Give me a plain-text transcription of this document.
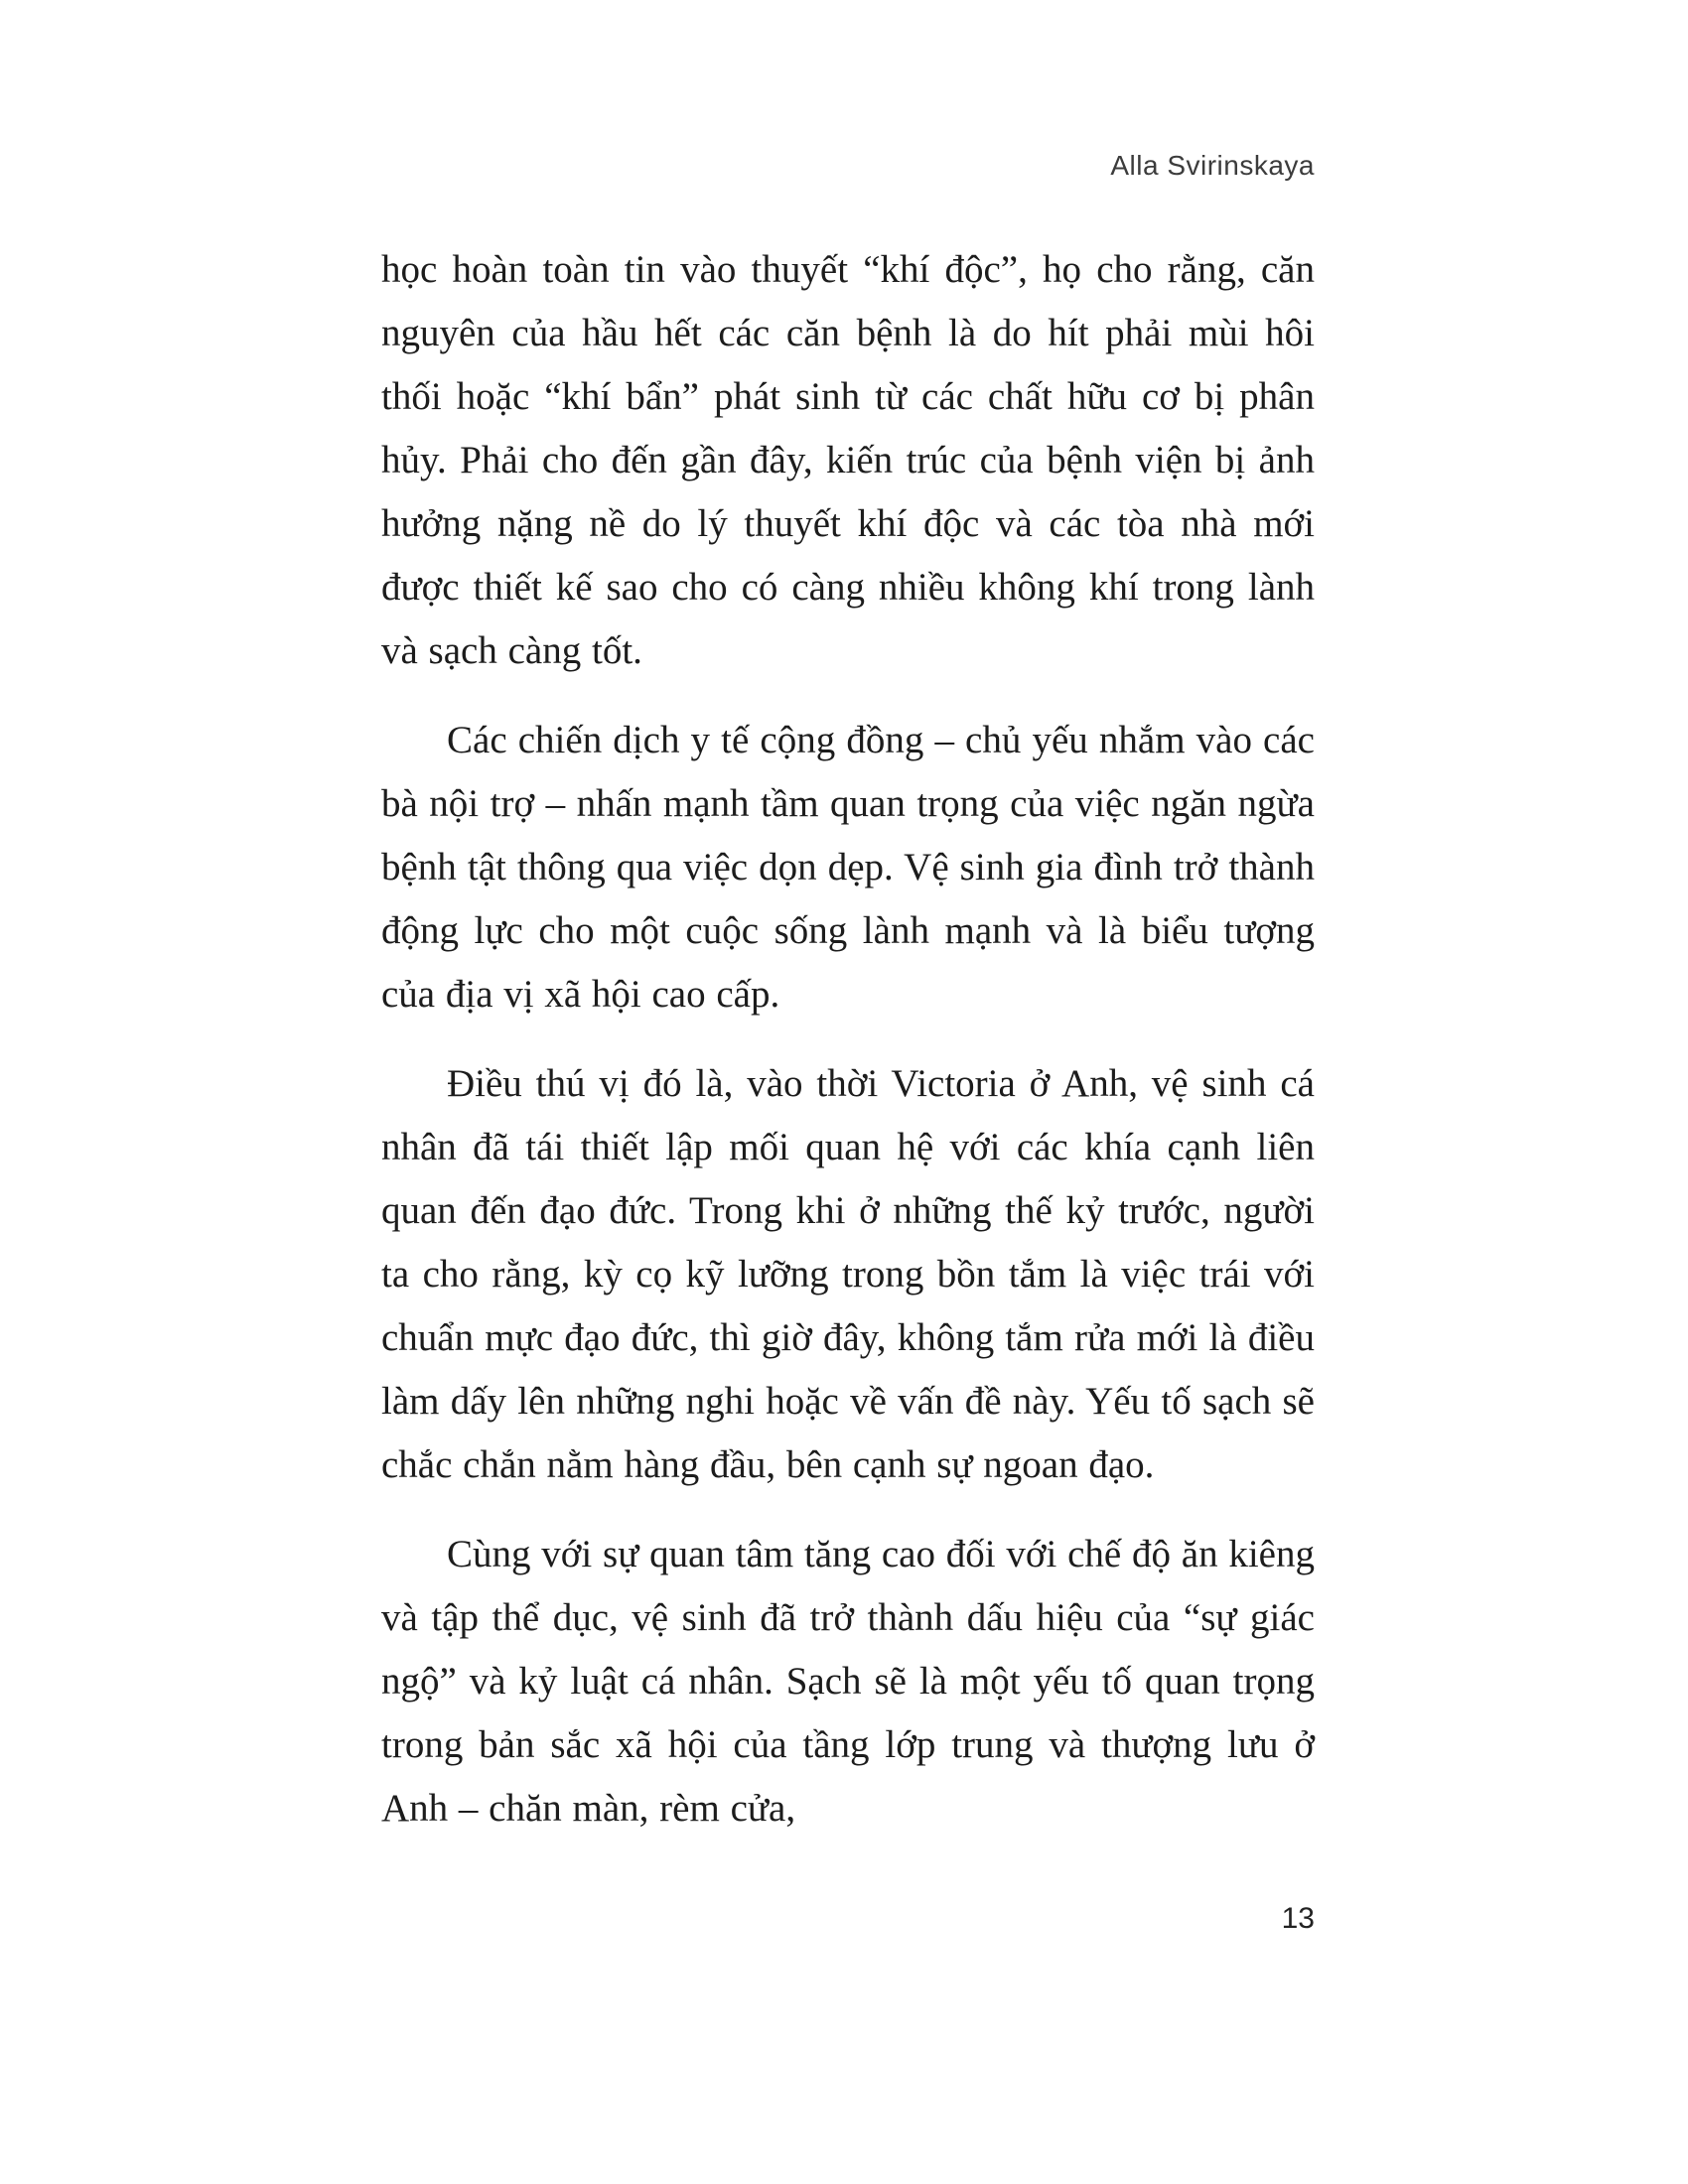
Alla Svirinskaya

học hoàn toàn tin vào thuyết “khí độc”, họ cho rằng, căn nguyên của hầu hết các căn bệnh là do hít phải mùi hôi thối hoặc “khí bẩn” phát sinh từ các chất hữu cơ bị phân hủy. Phải cho đến gần đây, kiến trúc của bệnh viện bị ảnh hưởng nặng nề do lý thuyết khí độc và các tòa nhà mới được thiết kế sao cho có càng nhiều không khí trong lành và sạch càng tốt.

Các chiến dịch y tế cộng đồng – chủ yếu nhắm vào các bà nội trợ – nhấn mạnh tầm quan trọng của việc ngăn ngừa bệnh tật thông qua việc dọn dẹp. Vệ sinh gia đình trở thành động lực cho một cuộc sống lành mạnh và là biểu tượng của địa vị xã hội cao cấp.

Điều thú vị đó là, vào thời Victoria ở Anh, vệ sinh cá nhân đã tái thiết lập mối quan hệ với các khía cạnh liên quan đến đạo đức. Trong khi ở những thế kỷ trước, người ta cho rằng, kỳ cọ kỹ lưỡng trong bồn tắm là việc trái với chuẩn mực đạo đức, thì giờ đây, không tắm rửa mới là điều làm dấy lên những nghi hoặc về vấn đề này. Yếu tố sạch sẽ chắc chắn nằm hàng đầu, bên cạnh sự ngoan đạo.

Cùng với sự quan tâm tăng cao đối với chế độ ăn kiêng và tập thể dục, vệ sinh đã trở thành dấu hiệu của “sự giác ngộ” và kỷ luật cá nhân. Sạch sẽ là một yếu tố quan trọng trong bản sắc xã hội của tầng lớp trung và thượng lưu ở Anh – chăn màn, rèm cửa,

13
